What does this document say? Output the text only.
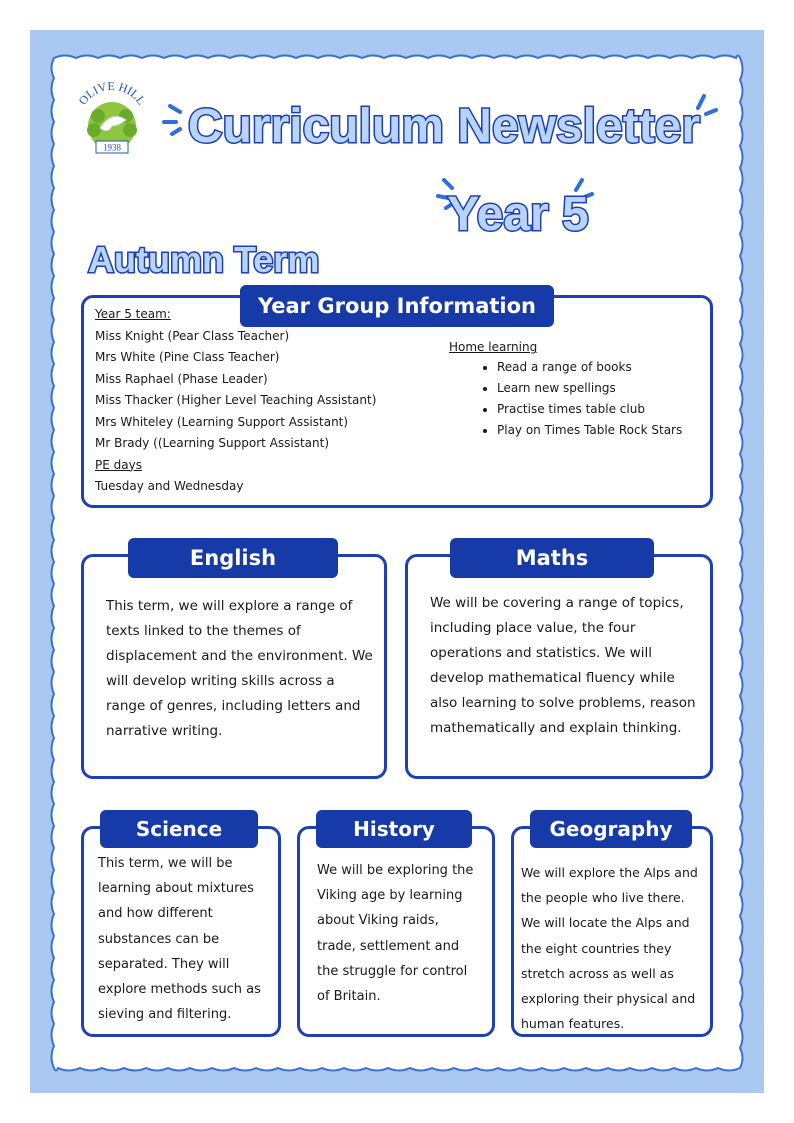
OLIVE HILL
1938 Curriculum Newsletter
Year 5
Autumn Term
Year Group Information
Year 5 team:
Miss Knight (Pear Class Teacher)
Mrs White (Pine Class Teacher)
Miss Raphael (Phase Leader)
Miss Thacker (Higher Level Teaching Assistant)
Mrs Whiteley (Learning Support Assistant)
Mr Brady ((Learning Support Assistant)
PE days
Tuesday and Wednesday
Home learning
• Read a range of books
• Learn new spellings
• Practise times table club
• Play on Times Table Rock Stars
English
This term, we will explore a range of
texts linked to the themes of
displacement and the environment. We
will develop writing skills across a
range of genres, including letters and
narrative writing.
Maths
We will be covering a range of topics,
including place value, the four
operations and statistics. We will
develop mathematical fluency while
also learning to solve problems, reason
mathematically and explain thinking.
Science
This term, we will be
learning about mixtures
and how different
substances can be
separated. They will
explore methods such as
sieving and filtering.
History
We will be exploring the
Viking age by learning
about Viking raids,
trade, settlement and
the struggle for control
of Britain.
Geography
We will explore the Alps and
the people who live there.
We will locate the Alps and
the eight countries they
stretch across as well as
exploring their physical and
human features.
